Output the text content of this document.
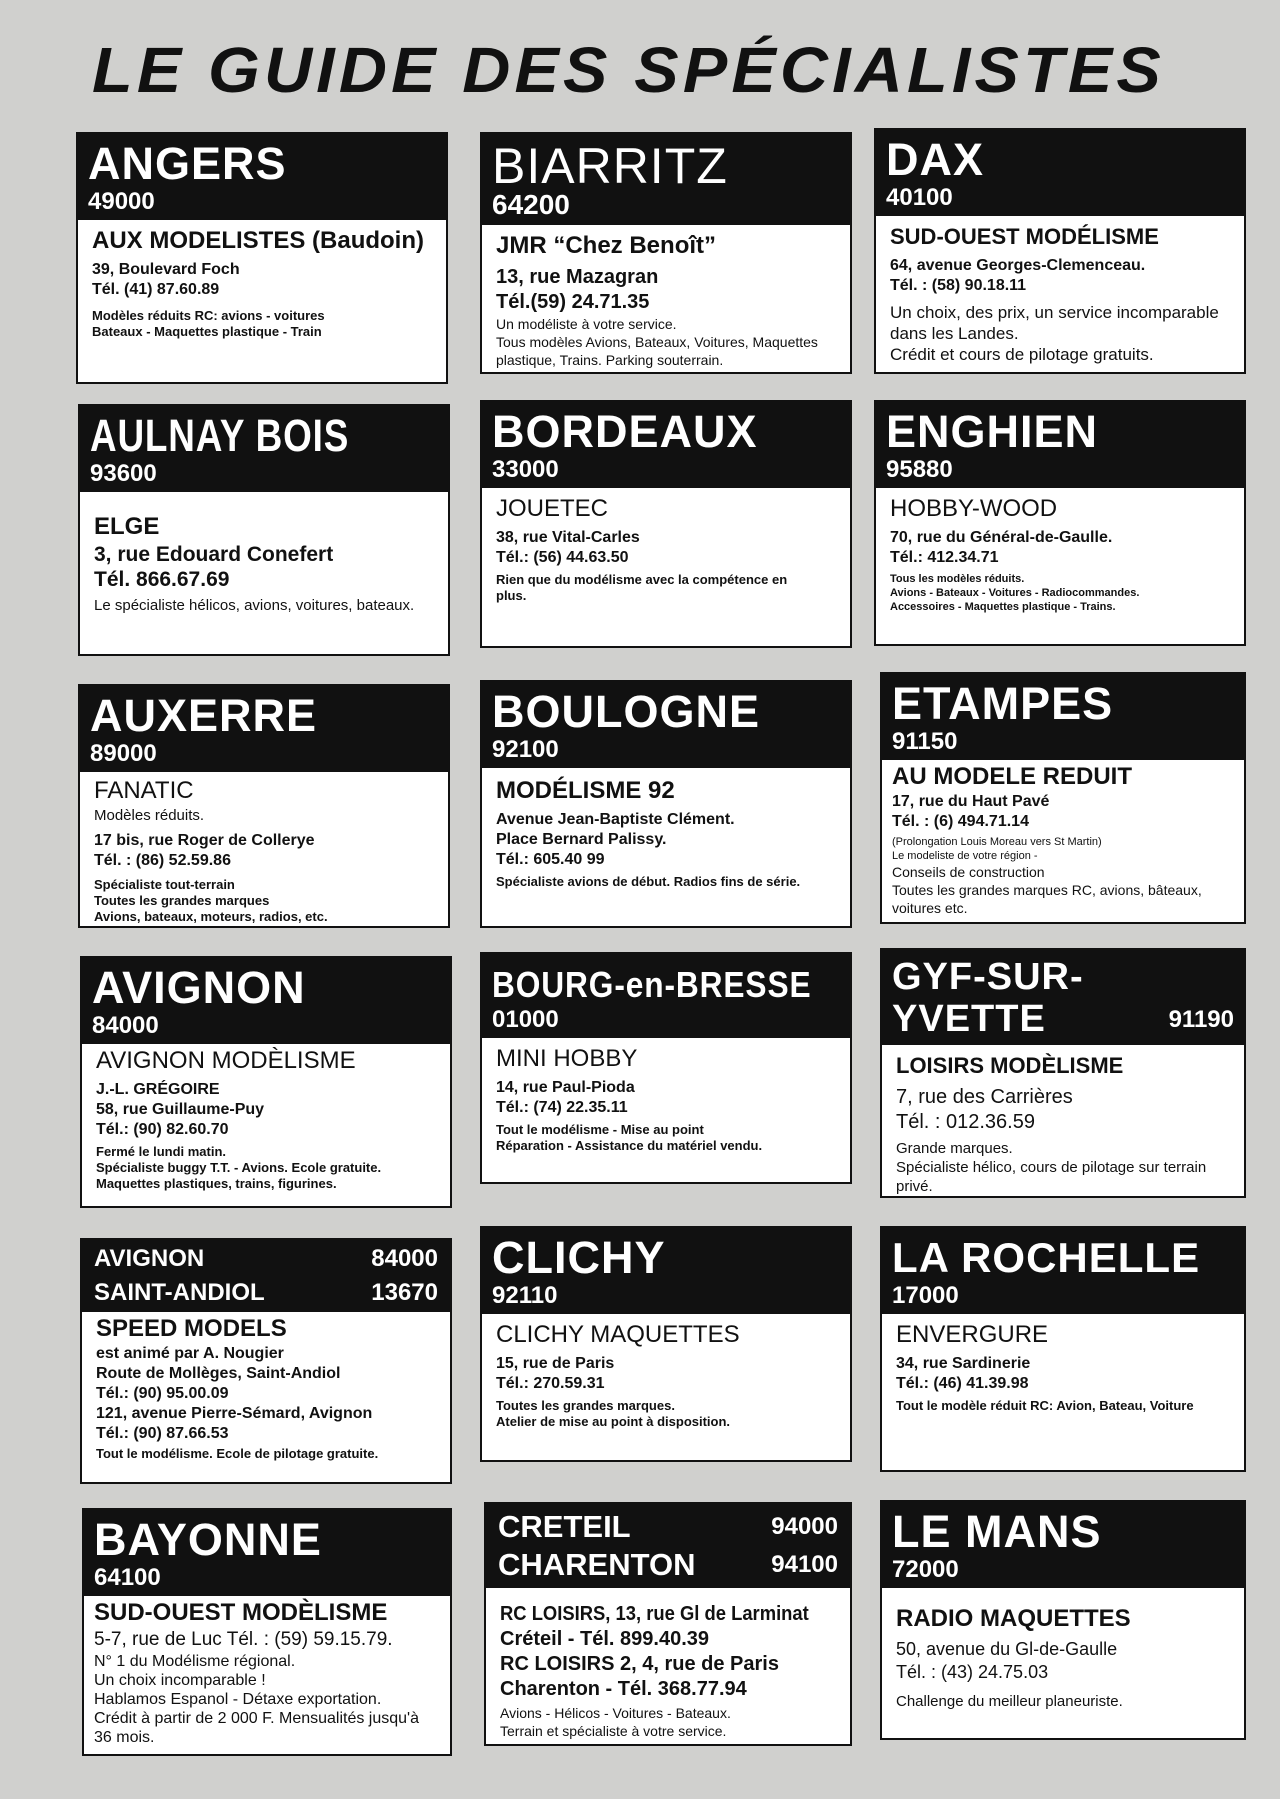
LE GUIDE DES SPÉCIALISTES
ANGERS
49000
AUX MODELISTES (Baudoin)
39, Boulevard Foch
Tél. (41) 87.60.89
Modèles réduits RC: avions - voitures
Bateaux - Maquettes plastique - Train
BIARRITZ
64200
JMR “Chez Benoît”
13, rue Mazagran
Tél.(59) 24.71.35
Un modéliste à votre service.
Tous modèles Avions, Bateaux, Voitures, Maquettes
plastique, Trains. Parking souterrain.
DAX
40100
SUD-OUEST MODÉLISME
64, avenue Georges-Clemenceau.
Tél. : (58) 90.18.11
Un choix, des prix, un service incomparable
dans les Landes.
Crédit et cours de pilotage gratuits.
AULNAY BOIS
93600
ELGE
3, rue Edouard Conefert
Tél. 866.67.69
Le spécialiste hélicos, avions, voitures, bateaux.
BORDEAUX
33000
JOUETEC
38, rue Vital-Carles
Tél.: (56) 44.63.50
Rien que du modélisme avec la compétence en
plus.
ENGHIEN
95880
HOBBY-WOOD
70, rue du Général-de-Gaulle.
Tél.: 412.34.71
Tous les modèles réduits.
Avions - Bateaux - Voitures - Radiocommandes.
Accessoires - Maquettes plastique - Trains.
AUXERRE
89000
FANATIC
Modèles réduits.
17 bis, rue Roger de Collerye
Tél. : (86) 52.59.86
Spécialiste tout-terrain
Toutes les grandes marques
Avions, bateaux, moteurs, radios, etc.
BOULOGNE
92100
MODÉLISME 92
Avenue Jean-Baptiste Clément.
Place Bernard Palissy.
Tél.: 605.40 99
Spécialiste avions de début. Radios fins de série.
ETAMPES
91150
AU MODELE REDUIT
17, rue du Haut Pavé
Tél. : (6) 494.71.14
(Prolongation Louis Moreau vers St Martin)
Le modeliste de votre région -
Conseils de construction
Toutes les grandes marques RC, avions, bâteaux,
voitures etc.
AVIGNON
84000
AVIGNON MODÈLISME
J.-L. GRÉGOIRE
58, rue Guillaume-Puy
Tél.: (90) 82.60.70
Fermé le lundi matin.
Spécialiste buggy T.T. - Avions. Ecole gratuite.
Maquettes plastiques, trains, figurines.
BOURG-en-BRESSE
01000
MINI HOBBY
14, rue Paul-Pioda
Tél.: (74) 22.35.11
Tout le modélisme - Mise au point
Réparation - Assistance du matériel vendu.
GYF-SUR-
YVETTE	91190
LOISIRS MODÈLISME
7, rue des Carrières
Tél. : 012.36.59
Grande marques.
Spécialiste hélico, cours de pilotage sur terrain
privé.
AVIGNON	84000
SAINT-ANDIOL	13670
SPEED MODELS
est animé par A. Nougier
Route de Mollèges, Saint-Andiol
Tél.: (90) 95.00.09
121, avenue Pierre-Sémard, Avignon
Tél.: (90) 87.66.53
Tout le modélisme. Ecole de pilotage gratuite.
CLICHY
92110
CLICHY MAQUETTES
15, rue de Paris
Tél.: 270.59.31
Toutes les grandes marques.
Atelier de mise au point à disposition.
LA ROCHELLE
17000
ENVERGURE
34, rue Sardinerie
Tél.: (46) 41.39.98
Tout le modèle réduit RC: Avion, Bateau, Voiture
BAYONNE
64100
SUD-OUEST MODÈLISME
5-7, rue de Luc Tél. : (59) 59.15.79.
N° 1 du Modélisme régional.
Un choix incomparable !
Hablamos Espanol - Détaxe exportation.
Crédit à partir de 2 000 F. Mensualités jusqu'à
36 mois.
CRETEIL	94000
CHARENTON	94100
RC LOISIRS, 13, rue Gl de Larminat
Créteil - Tél. 899.40.39
RC LOISIRS 2, 4, rue de Paris
Charenton - Tél. 368.77.94
Avions - Hélicos - Voitures - Bateaux.
Terrain et spécialiste à votre service.
LE MANS
72000
RADIO MAQUETTES
50, avenue du Gl-de-Gaulle
Tél. : (43) 24.75.03
Challenge du meilleur planeuriste.
